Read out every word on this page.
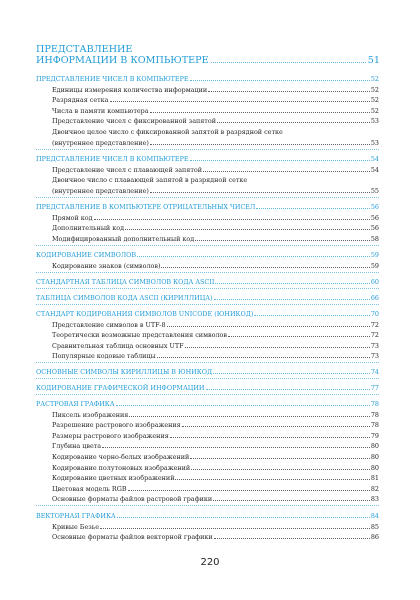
ПРЕДСТАВЛЕНИЕ
ИНФОРМАЦИИ В КОМПЬЮТЕРЕ	51
ПРЕДСТАВЛЕНИЕ ЧИСЕЛ В КОМПЬЮТЕРЕ	52
Единицы измерения количества информации	52
Разрядная сетка	52
Числа в памяти компьютера	52
Представление чисел с фиксированной запятой	53
Двоичное целое число с фиксированной запятой в разрядной сетке
(внутреннее представление)	53
ПРЕДСТАВЛЕНИЕ ЧИСЕЛ В КОМПЬЮТЕРЕ	54
Представление чисел с плавающей запятой	54
Двоичное число с плавающей запятой в разрядной сетке
(внутреннее представление)	55
ПРЕДСТАВЛЕНИЕ В КОМПЬЮТЕРЕ ОТРИЦАТЕЛЬНЫХ ЧИСЕЛ	56
Прямой код	56
Дополнительный код	56
Модифицированный дополнительный код	58
КОДИРОВАНИЕ СИМВОЛОВ	59
Кодирование знаков (символов)	59
СТАНДАРТНАЯ ТАБЛИЦА СИМВОЛОВ КОДА ASCII	60
ТАБЛИЦА СИМВОЛОВ КОДА ASCII (КИРИЛЛИЦА)	66
СТАНДАРТ КОДИРОВАНИЯ СИМВОЛОВ UNICODE (ЮНИКОД)	70
Представление символов в UTF-8	72
Теоретически возможные представления символов	72
Сравнительная таблица основных UTF	73
Популярные кодовые таблицы	73
ОСНОВНЫЕ СИМВОЛЫ КИРИЛЛИЦЫ В ЮНИКОД	74
КОДИРОВАНИЕ ГРАФИЧЕСКОЙ ИНФОРМАЦИИ	77
РАСТРОВАЯ ГРАФИКА	78
Пиксель изображения	78
Разрешение растрового изображения	78
Размеры растрового изображения	79
Глубина цвета	80
Кодирование черно-белых изображений	80
Кодирование полутоновых изображений	80
Кодирование цветных изображений	81
Цветовая модель RGB	82
Основные форматы файлов растровой графики	83
ВЕКТОРНАЯ ГРАФИКА	84
Кривые Безье	85
Основные форматы файлов векторной графики	86
220
